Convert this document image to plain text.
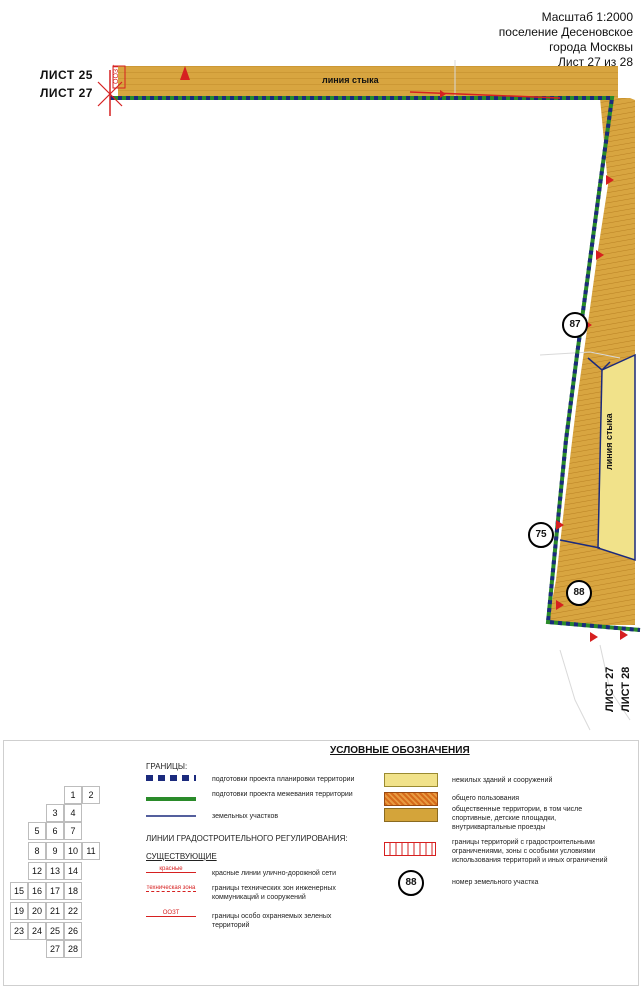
ООЗТ
Масштаб 1:2000
поселение Десеновское
города Москвы
Лист 27 из 28
ЛИСТ 25
ЛИСТ 27
линия стыка
линия стыка
ЛИСТ 27 ЛИСТ 28
87
75
88
УСЛОВНЫЕ ОБОЗНАЧЕНИЯ
ГРАНИЦЫ:
подготовки проекта планировки территории
подготовки проекта межевания территории
земельных участков
ЛИНИИ ГРАДОСТРОИТЕЛЬНОГО РЕГУЛИРОВАНИЯ:
СУЩЕСТВУЮЩИЕ
красные
красные линии улично-дорожной сети
техническая зона границы технических зон инженерных коммуникаций и сооружений
ООЗТ	границы особо охраняемых зеленых территорий
нежилых зданий и сооружений
общего пользования
общественные территории, в том числе спортивные, детские площадки, внутриквартальные проезды
границы территорий с градостроительными ограничениями, зоны с особыми условиями использования территорий и иных ограничений
88	номер земельного участка
1	2
3	4
5	6	7
8	9	10 11
12 13 14
15 16 17 18
19 20 21 22
23 24 25 26
27 28
